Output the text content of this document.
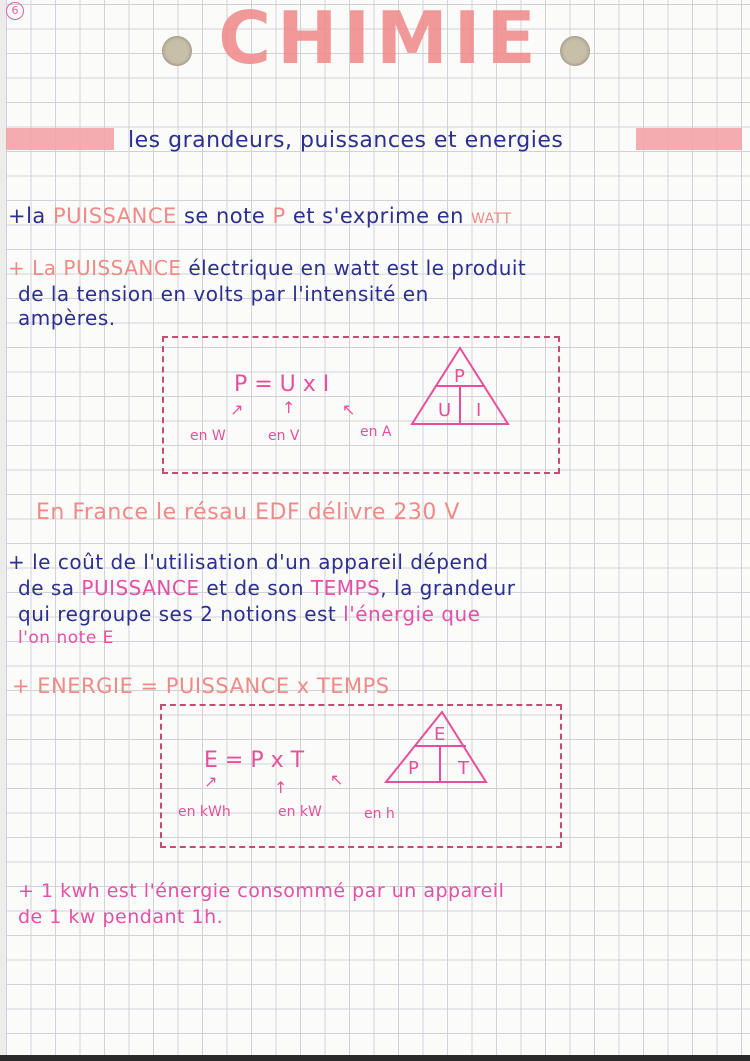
6	CHIMIE
les grandeurs, puissances et energies
+la PUISSANCE se note P et s'exprime en WATT
+ La PUISSANCE électrique en watt est le produit
de la tension en volts par l'intensité en
ampères.
P = U x I
↗ ↑	↖
en W	en V	en A
P
U I
En France le résau EDF délivre 230 V
+ le coût de l'utilisation d'un appareil dépend
de sa PUISSANCE et de son TEMPS, la grandeur
qui regroupe ses 2 notions est l'énergie que
l'on note E
+ ENERGIE = PUISSANCE x TEMPS
E = P x T
↗	↑	↖
en kWh	en kW	en h
E
P T
+ 1 kwh est l'énergie consommé par un appareil
de 1 kw pendant 1h.
